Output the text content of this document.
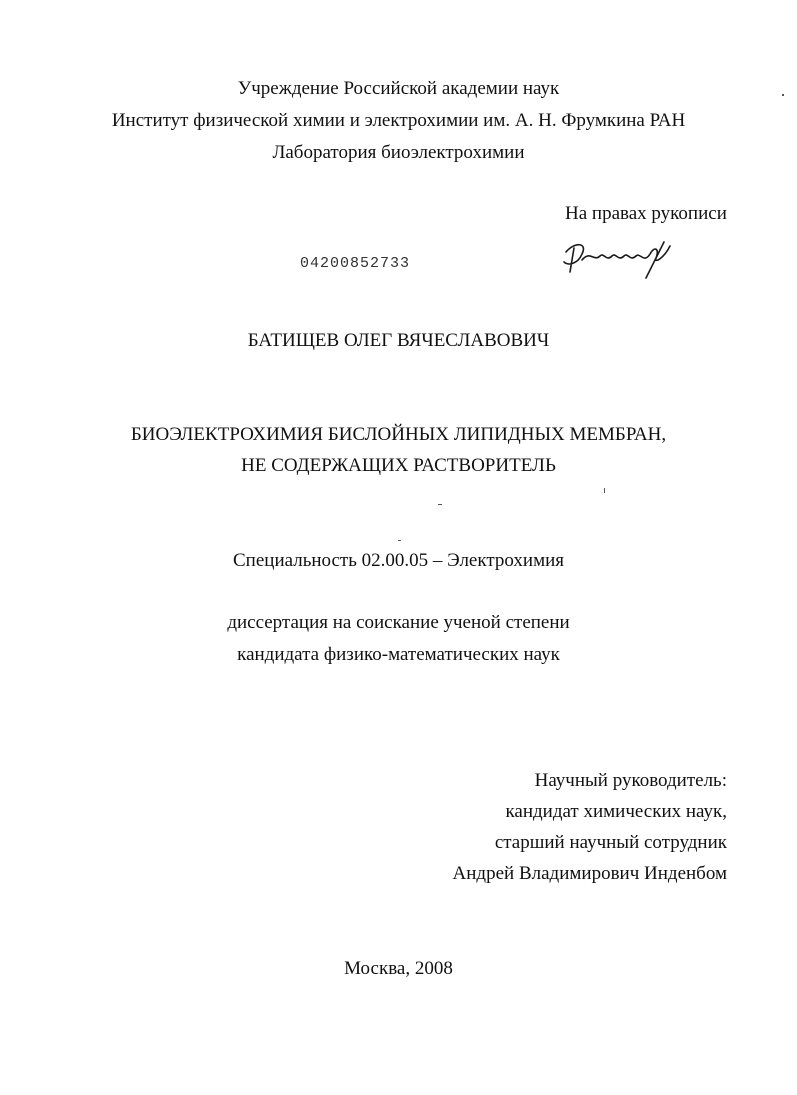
Учреждение Российской академии наук
Институт физической химии и электрохимии им. А. Н. Фрумкина РАН
Лаборатория биоэлектрохимии
На правах рукописи
04200852733
БАТИЩЕВ ОЛЕГ ВЯЧЕСЛАВОВИЧ
БИОЭЛЕКТРОХИМИЯ БИСЛОЙНЫХ ЛИПИДНЫХ МЕМБРАН,
НЕ СОДЕРЖАЩИХ РАСТВОРИТЕЛЬ
Специальность 02.00.05 – Электрохимия
диссертация на соискание ученой степени
кандидата физико-математических наук
Научный руководитель:
кандидат химических наук,
старший научный сотрудник
Андрей Владимирович Инденбом
Москва, 2008
